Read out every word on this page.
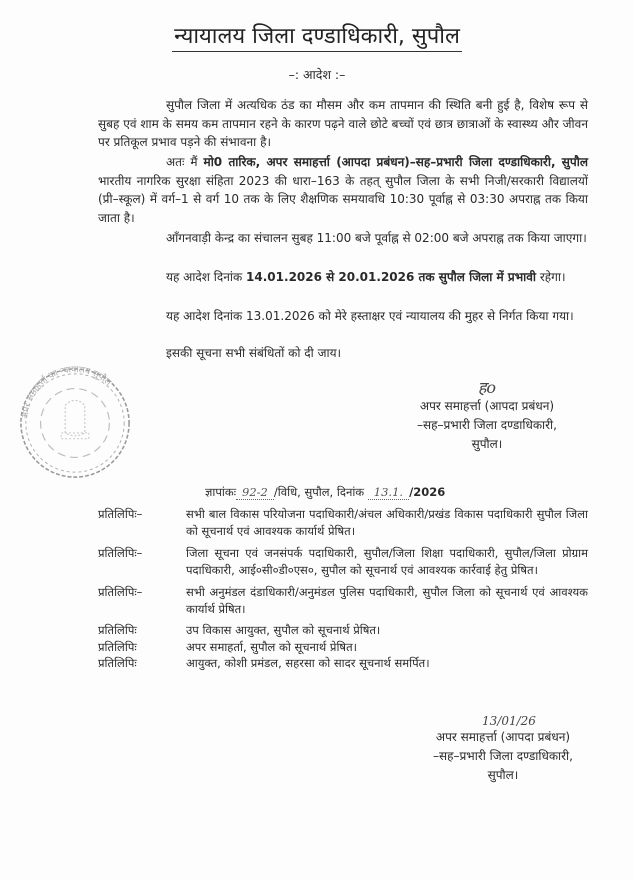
न्यायालय जिला दण्डाधिकारी, सुपौल
–: आदेश :–
सुपौल जिला में अत्यधिक ठंड का मौसम और कम तापमान की स्थिति बनी हुई है, विशेष रूप से सुबह एवं शाम के समय कम तापमान रहने के कारण पढ़ने वाले छोटे बच्चों एवं छात्र छात्राओं के स्वास्थ्य और जीवन पर प्रतिकूल प्रभाव पड़ने की संभावना है।
अतः मैं मो0 तारिक, अपर समाहर्त्ता (आपदा प्रबंधन)–सह–प्रभारी जिला दण्डाधिकारी, सुपौल भारतीय नागरिक सुरक्षा संहिता 2023 की धारा–163 के तहत् सुपौल जिला के सभी निजी/सरकारी विद्यालयों (प्री–स्कूल) में वर्ग–1 से वर्ग 10 तक के लिए शैक्षणिक समयावधि 10:30 पूर्वाह्न से 03:30 अपराह्न तक किया जाता है।
आँगनवाड़ी केन्द्र का संचालन सुबह 11:00 बजे पूर्वाह्न से 02:00 बजे अपराह्न तक किया जाएगा।
यह आदेश दिनांक 14.01.2026 से 20.01.2026 तक सुपौल जिला में प्रभावी रहेगा।
यह आदेश दिनांक 13.01.2026 को मेरे हस्ताक्षर एवं न्यायालय की मुहर से निर्गत किया गया।
इसकी सूचना सभी संबंधितों को दी जाय।
अपर समाहर्त्ता का न्यायालय सुपौल	हo
अपर समाहर्त्ता (आपदा प्रबंधन)
–सह–प्रभारी जिला दण्डाधिकारी,
सुपौल।
ज्ञापांकः 92-2 /विधि, सुपौल, दिनांक 13.1. /2026
प्रतिलिपिः–	सभी बाल विकास परियोजना पदाधिकारी/अंचल अधिकारी/प्रखंड विकास पदाधिकारी सुपौल जिला को सूचनार्थ एवं आवश्यक कार्यार्थ प्रेषित।
प्रतिलिपिः–	जिला सूचना एवं जनसंपर्क पदाधिकारी, सुपौल/जिला शिक्षा पदाधिकारी, सुपौल/जिला प्रोग्राम पदाधिकारी, आई०सी०डी०एस०, सुपौल को सूचनार्थ एवं आवश्यक कार्रवाई हेतु प्रेषित।
प्रतिलिपिः–	सभी अनुमंडल दंडाधिकारी/अनुमंडल पुलिस पदाधिकारी, सुपौल जिला को सूचनार्थ एवं आवश्यक कार्यार्थ प्रेषित।
प्रतिलिपिः	उप विकास आयुक्त, सुपौल को सूचनार्थ प्रेषित।
प्रतिलिपिः	अपर समाहर्ता, सुपौल को सूचनार्थ प्रेषित।
प्रतिलिपिः	आयुक्त, कोशी प्रमंडल, सहरसा को सादर सूचनार्थ समर्पित।
13/01/26
अपर समाहर्त्ता (आपदा प्रबंधन)
–सह–प्रभारी जिला दण्डाधिकारी,
सुपौल।
